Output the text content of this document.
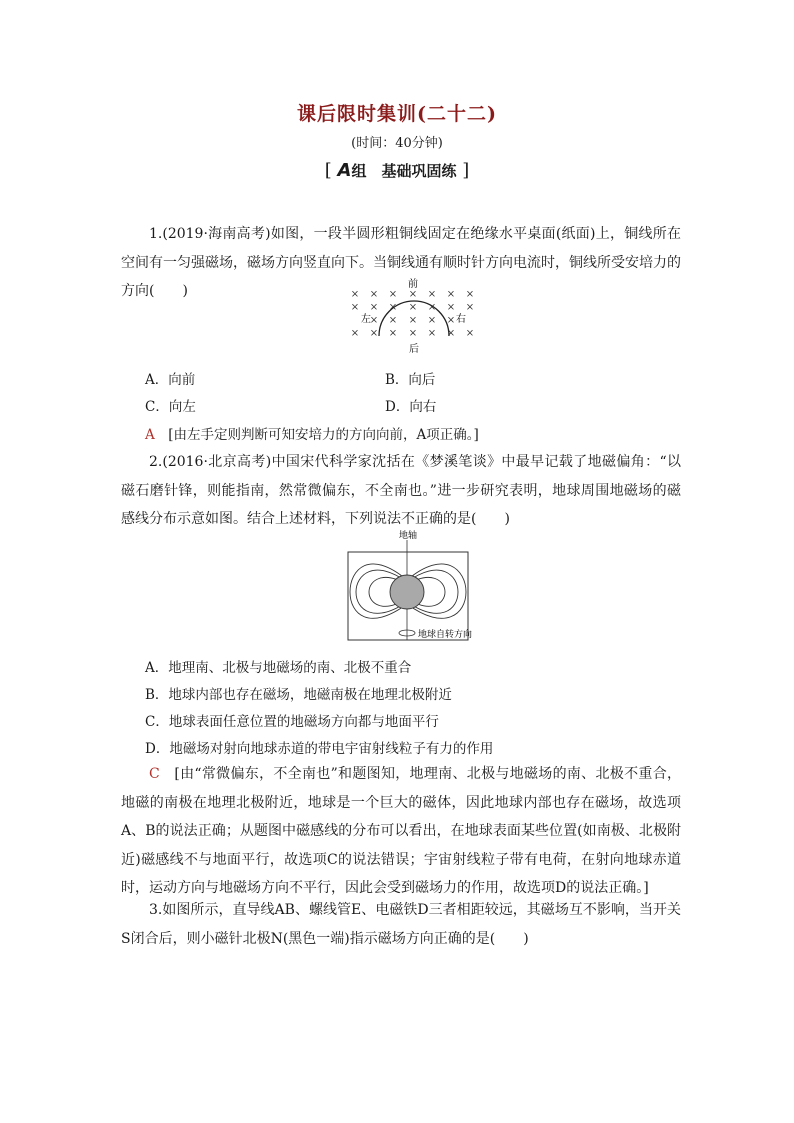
课后限时集训(二十二)
(时间：40分钟)
[ A组　基础巩固练 ]
1.(2019·海南高考)如图，一段半圆形粗铜线固定在绝缘水平桌面(纸面)上，铜线所在空间有一匀强磁场，磁场方向竖直向下。当铜线通有顺时针方向电流时，铜线所受安培力的方向(　　)	× × × × × × ×
× × × × × × ×
× × × × ×
× × × × × × ×
前
后
左	右
A．向前	B．向后
C．向左	D．向右
A　 [由左手定则判断可知安培力的方向向前，A项正确。]
2.(2016·北京高考)中国宋代科学家沈括在《梦溪笔谈》中最早记载了地磁偏角：“以磁石磨针锋，则能指南，然常微偏东，不全南也。”进一步研究表明，地球周围地磁场的磁感线分布示意如图。结合上述材料，下列说法不正确的是(　　)
地轴
地球自转方向
A．地理南、北极与地磁场的南、北极不重合
B．地球内部也存在磁场，地磁南极在地理北极附近
C．地球表面任意位置的地磁场方向都与地面平行
D．地磁场对射向地球赤道的带电宇宙射线粒子有力的作用
C　 [由“常微偏东，不全南也”和题图知，地理南、北极与地磁场的南、北极不重合，地磁的南极在地理北极附近，地球是一个巨大的磁体，因此地球内部也存在磁场，故选项A、B的说法正确；从题图中磁感线的分布可以看出，在地球表面某些位置(如南极、北极附近)磁感线不与地面平行，故选项C的说法错误；宇宙射线粒子带有电荷，在射向地球赤道时，运动方向与地磁场方向不平行，因此会受到磁场力的作用，故选项D的说法正确。]
3.如图所示，直导线AB、螺线管E、电磁铁D三者相距较远，其磁场互不影响，当开关S闭合后，则小磁针北极N(黑色一端)指示磁场方向正确的是(　　)
